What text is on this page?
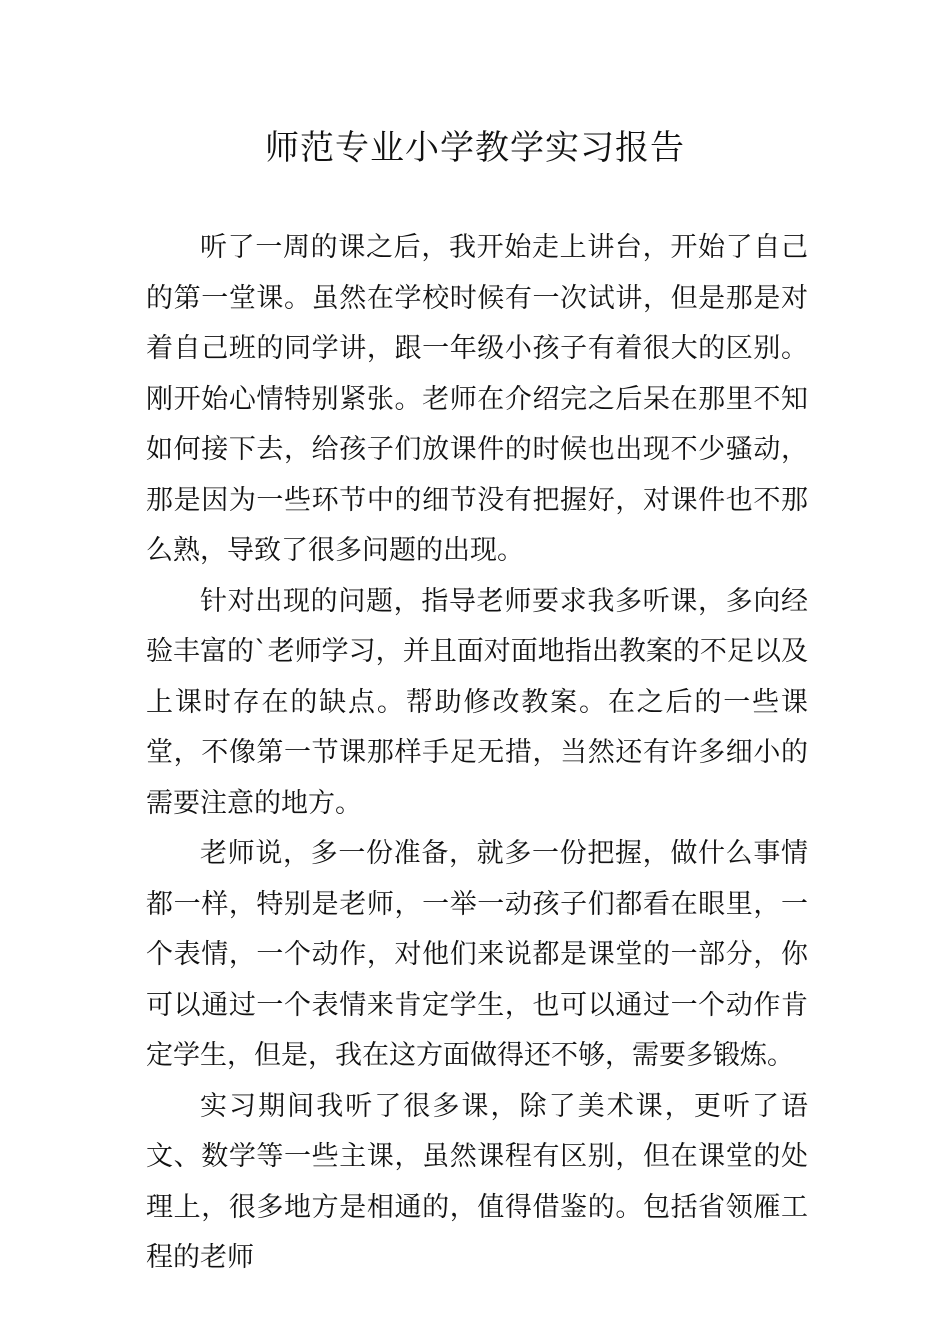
师范专业小学教学实习报告

听了一周的课之后，我开始走上讲台，开始了自己的第一堂课。虽然在学校时候有一次试讲，但是那是对着自己班的同学讲，跟一年级小孩子有着很大的区别。刚开始心情特别紧张。老师在介绍完之后呆在那里不知如何接下去，给孩子们放课件的时候也出现不少骚动，那是因为一些环节中的细节没有把握好，对课件也不那么熟，导致了很多问题的出现。

针对出现的问题，指导老师要求我多听课，多向经验丰富的`老师学习，并且面对面地指出教案的不足以及上课时存在的缺点。帮助修改教案。在之后的一些课堂，不像第一节课那样手足无措，当然还有许多细小的需要注意的地方。

老师说，多一份准备，就多一份把握，做什么事情都一样，特别是老师，一举一动孩子们都看在眼里，一个表情，一个动作，对他们来说都是课堂的一部分，你可以通过一个表情来肯定学生，也可以通过一个动作肯定学生，但是，我在这方面做得还不够，需要多锻炼。

实习期间我听了很多课，除了美术课，更听了语文、数学等一些主课，虽然课程有区别，但在课堂的处理上，很多地方是相通的，值得借鉴的。包括省领雁工程的老师
